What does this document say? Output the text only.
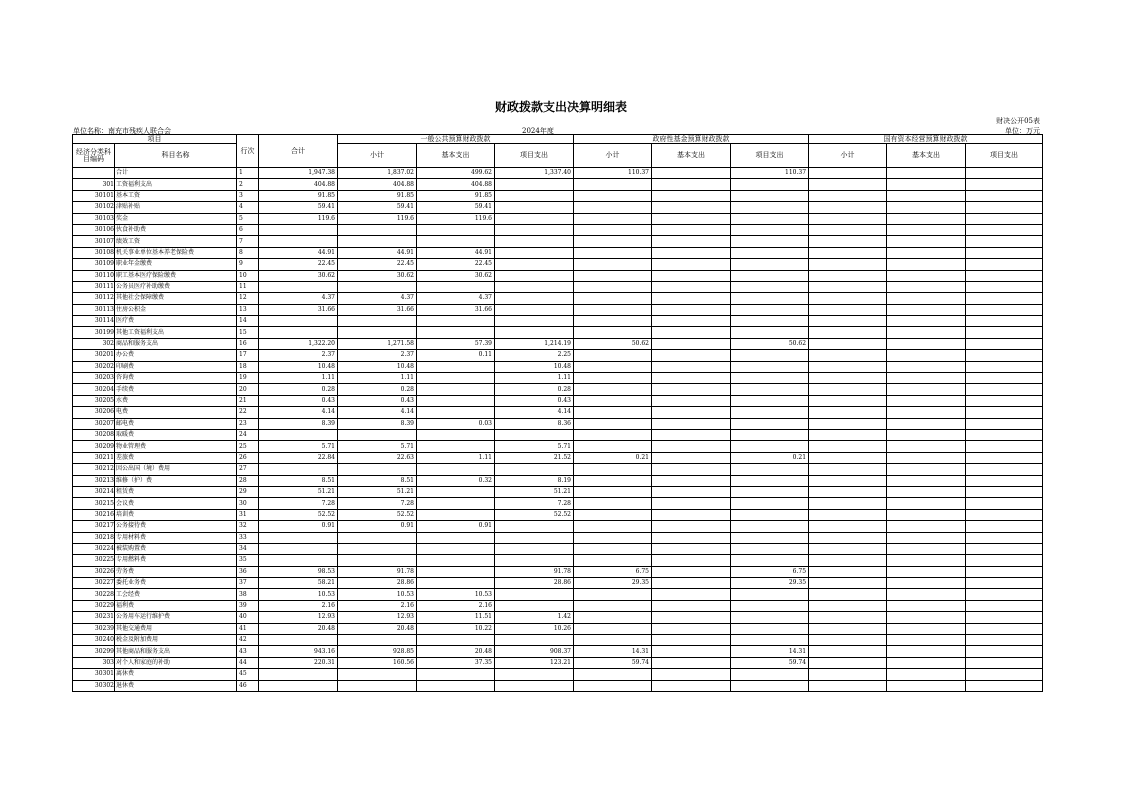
财政拨款支出决算明细表
财决公开05表
单位名称：南充市残疾人联合会	2024年度	单位：万元
项目		行次	合计	一般公共预算财政拨款			政府性基金预算财政拨款			国有资本经营预算财政拨款		
经济分类科目编码	科目名称			小计	基本支出	项目支出	小计	基本支出	项目支出	小计	基本支出	项目支出
	合计	1	1,947.38	1,837.02	499.62	1,337.40	110.37		110.37			
301	工资福利支出	2	404.88	404.88	404.88							
30101	基本工资	3	91.85	91.85	91.85							
30102	津贴补贴	4	59.41	59.41	59.41							
30103	奖金	5	119.6	119.6	119.6							
30106	伙食补助费	6										
30107	绩效工资	7										
30108	机关事业单位基本养老保险费	8	44.91	44.91	44.91							
30109	职业年金缴费	9	22.45	22.45	22.45							
30110	职工基本医疗保险缴费	10	30.62	30.62	30.62							
30111	公务员医疗补助缴费	11										
30112	其他社会保障缴费	12	4.37	4.37	4.37							
30113	住房公积金	13	31.66	31.66	31.66							
30114	医疗费	14										
30199	其他工资福利支出	15										
302	商品和服务支出	16	1,322.20	1,271.58	57.39	1,214.19	50.62		50.62			
30201	办公费	17	2.37	2.37	0.11	2.25						
30202	印刷费	18	10.48	10.48		10.48						
30203	咨询费	19	1.11	1.11		1.11						
30204	手续费	20	0.28	0.28		0.28						
30205	水费	21	0.43	0.43		0.43						
30206	电费	22	4.14	4.14		4.14						
30207	邮电费	23	8.39	8.39	0.03	8.36						
30208	取暖费	24										
30209	物业管理费	25	5.71	5.71		5.71						
30211	差旅费	26	22.84	22.63	1.11	21.52	0.21		0.21			
30212	因公出国（境）费用	27										
30213	维修（护）费	28	8.51	8.51	0.32	8.19						
30214	租赁费	29	51.21	51.21		51.21						
30215	会议费	30	7.28	7.28		7.28						
30216	培训费	31	52.52	52.52		52.52						
30217	公务接待费	32	0.91	0.91	0.91							
30218	专用材料费	33										
30224	被装购置费	34										
30225	专用燃料费	35										
30226	劳务费	36	98.53	91.78		91.78	6.75		6.75			
30227	委托业务费	37	58.21	28.86		28.86	29.35		29.35			
30228	工会经费	38	10.53	10.53	10.53							
30229	福利费	39	2.16	2.16	2.16							
30231	公务用车运行维护费	40	12.93	12.93	11.51	1.42						
30239	其他交通费用	41	20.48	20.48	10.22	10.26						
30240	税金及附加费用	42										
30299	其他商品和服务支出	43	943.16	928.85	20.48	908.37	14.31		14.31			
303	对个人和家庭的补助	44	220.31	160.56	37.35	123.21	59.74		59.74			
30301	离休费	45										
30302	退休费	46										
